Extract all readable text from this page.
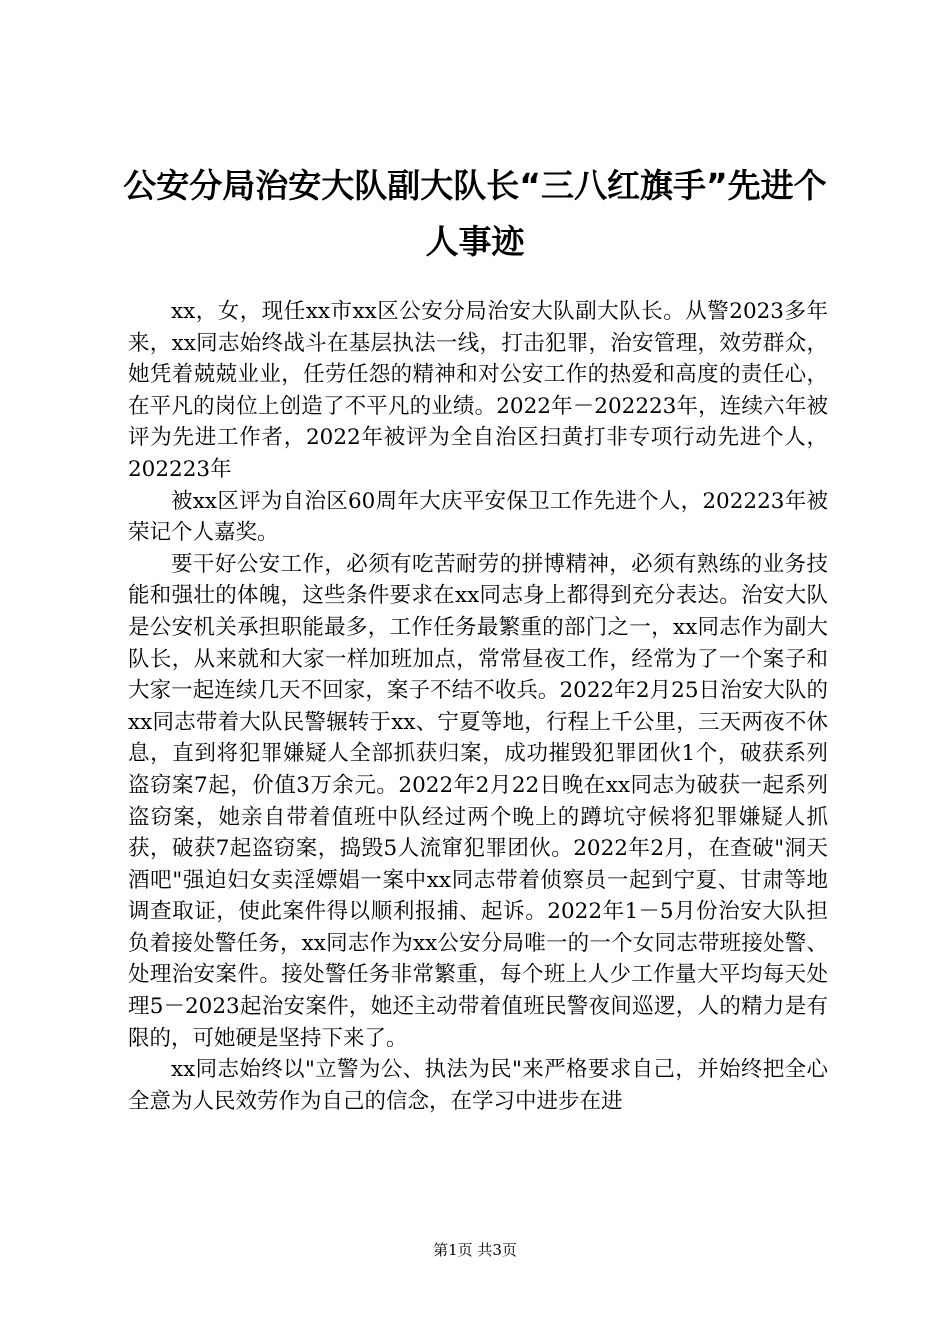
公安分局治安大队副大队长“三八红旗手”先进个人事迹

xx，女，现任xx市xx区公安分局治安大队副大队长。从警2023多年来，xx同志始终战斗在基层执法一线，打击犯罪，治安管理，效劳群众，她凭着兢兢业业，任劳任怨的精神和对公安工作的热爱和高度的责任心，在平凡的岗位上创造了不平凡的业绩。2022年－202223年，连续六年被评为先进工作者，2022年被评为全自治区扫黄打非专项行动先进个人，202223年

被xx区评为自治区60周年大庆平安保卫工作先进个人，202223年被荣记个人嘉奖。

要干好公安工作，必须有吃苦耐劳的拼博精神，必须有熟练的业务技能和强壮的体魄，这些条件要求在xx同志身上都得到充分表达。治安大队是公安机关承担职能最多，工作任务最繁重的部门之一，xx同志作为副大队长，从来就和大家一样加班加点，常常昼夜工作，经常为了一个案子和大家一起连续几天不回家，案子不结不收兵。2022年2月25日治安大队的xx同志带着大队民警辗转于xx、宁夏等地，行程上千公里，三天两夜不休息，直到将犯罪嫌疑人全部抓获归案，成功摧毁犯罪团伙1个，破获系列盗窃案7起，价值3万余元。2022年2月22日晚在xx同志为破获一起系列盗窃案，她亲自带着值班中队经过两个晚上的蹲坑守候将犯罪嫌疑人抓获，破获7起盗窃案，捣毁5人流窜犯罪团伙。2022年2月，在查破"洞天酒吧"强迫妇女卖淫嫖娼一案中xx同志带着侦察员一起到宁夏、甘肃等地调查取证，使此案件得以顺利报捕、起诉。2022年1－5月份治安大队担负着接处警任务，xx同志作为xx公安分局唯一的一个女同志带班接处警、处理治安案件。接处警任务非常繁重，每个班上人少工作量大平均每天处理5－2023起治安案件，她还主动带着值班民警夜间巡逻，人的精力是有限的，可她硬是坚持下来了。

xx同志始终以"立警为公、执法为民"来严格要求自己，并始终把全心全意为人民效劳作为自己的信念，在学习中进步在进

第1页 共3页
